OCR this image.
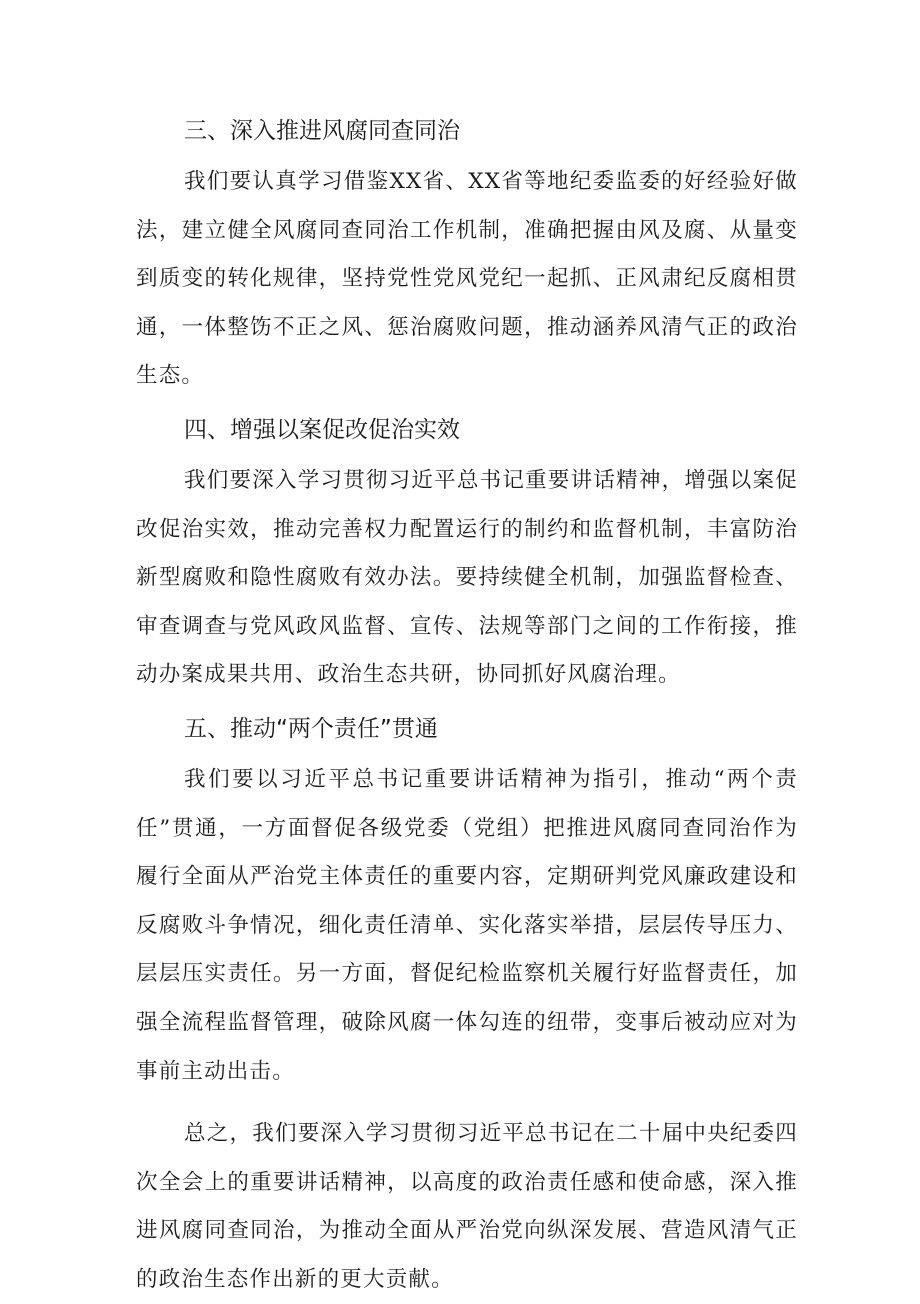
三、深入推进风腐同查同治

我们要认真学习借鉴XX省、XX省等地纪委监委的好经验好做法，建立健全风腐同查同治工作机制，准确把握由风及腐、从量变到质变的转化规律，坚持党性党风党纪一起抓、正风肃纪反腐相贯通，一体整饬不正之风、惩治腐败问题，推动涵养风清气正的政治生态。

四、增强以案促改促治实效

我们要深入学习贯彻习近平总书记重要讲话精神，增强以案促改促治实效，推动完善权力配置运行的制约和监督机制，丰富防治新型腐败和隐性腐败有效办法。要持续健全机制，加强监督检查、审查调查与党风政风监督、宣传、法规等部门之间的工作衔接，推动办案成果共用、政治生态共研，协同抓好风腐治理。

五、推动“两个责任”贯通

我们要以习近平总书记重要讲话精神为指引，推动“两个责任”贯通，一方面督促各级党委（党组）把推进风腐同查同治作为履行全面从严治党主体责任的重要内容，定期研判党风廉政建设和反腐败斗争情况，细化责任清单、实化落实举措，层层传导压力、层层压实责任。另一方面，督促纪检监察机关履行好监督责任，加强全流程监督管理，破除风腐一体勾连的纽带，变事后被动应对为事前主动出击。

总之，我们要深入学习贯彻习近平总书记在二十届中央纪委四次全会上的重要讲话精神，以高度的政治责任感和使命感，深入推进风腐同查同治，为推动全面从严治党向纵深发展、营造风清气正的政治生态作出新的更大贡献。
